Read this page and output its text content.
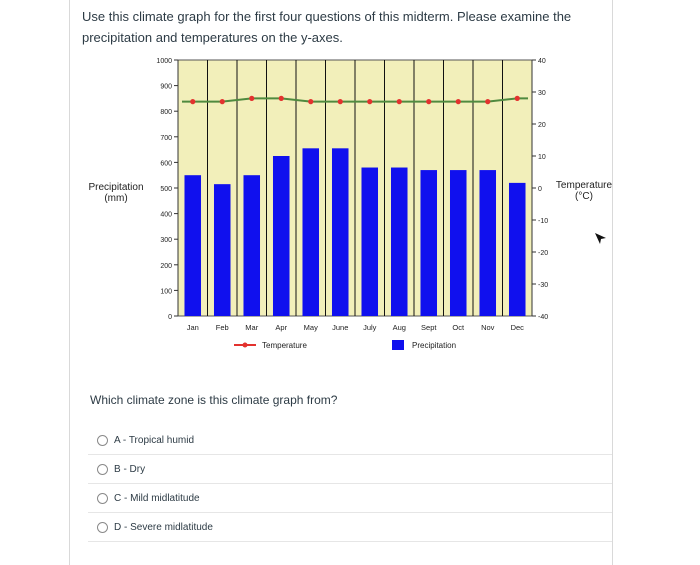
Use this climate graph for the first four questions of this midterm. Please examine the precipitation and temperatures on the y-axes.
1000
900
800
700
600
500
400
300
200
100
0
40
30
20
10
0
-10
-20
-30
-40
Jan Feb Mar Apr May June July Aug Sept Oct Nov Dec
Precipitation
(mm)
Temperature
(°C)
Temperature	Precipitation
Which climate zone is this climate graph from?
A - Tropical humid
B - Dry
C - Mild midlatitude
D - Severe midlatitude
